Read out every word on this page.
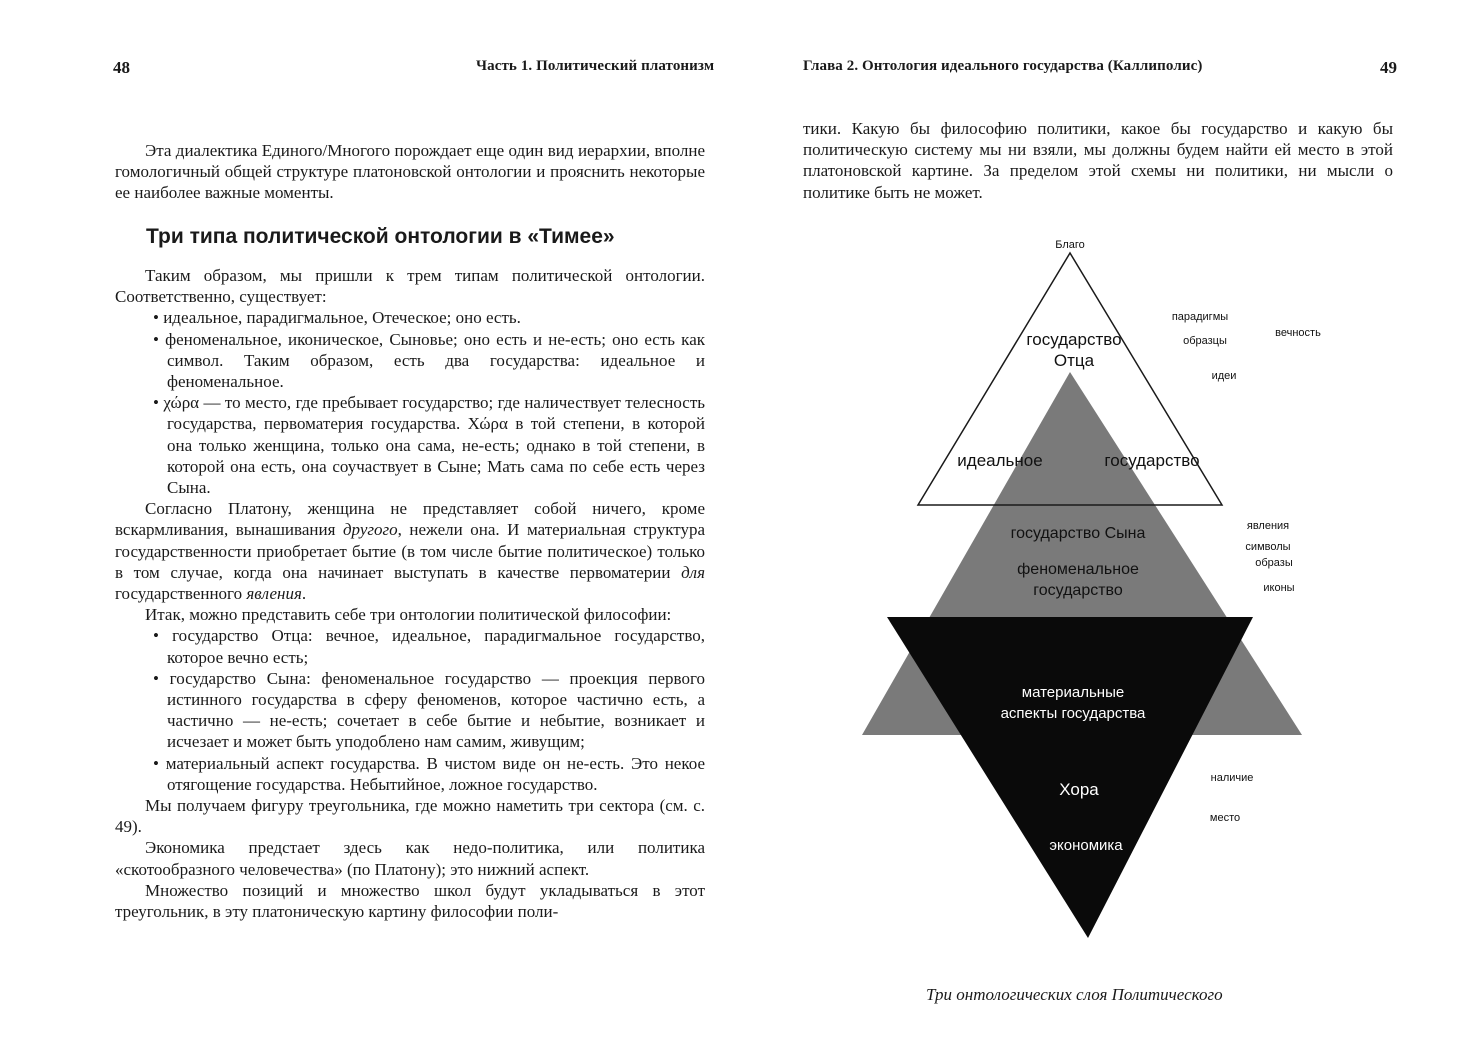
48	Часть 1. Политический платонизм

Эта диалектика Единого/Многого порождает еще один вид иерархии, вполне гомологичный общей структуре платоновской онтологии и прояснить некоторые ее наиболее важные моменты.

Три типа политической онтологии в «Тимее»

Таким образом, мы пришли к трем типам политической онтологии. Соответственно, существует:

• идеальное, парадигмальное, Отеческое; оно есть.

• феноменальное, иконическое, Сыновье; оно есть и не-есть; оно есть как символ. Таким образом, есть два государства: идеальное и феноменальное.

• χώρα — то место, где пребывает государство; где наличествует телесность государства, первоматерия государства. Χώρα в той степени, в которой она только женщина, только она сама, не-есть; однако в той степени, в которой она есть, она соучаствует в Сыне; Мать сама по себе есть через Сына.

Согласно Платону, женщина не представляет собой ничего, кроме вскармливания, вынашивания другого, нежели она. И материальная структура государственности приобретает бытие (в том числе бытие политическое) только в том случае, когда она начинает выступать в качестве первоматерии для государственного явления.

Итак, можно представить себе три онтологии политической философии:

• государство Отца: вечное, идеальное, парадигмальное государство, которое вечно есть;

• государство Сына: феноменальное государство — проекция первого истинного государства в сферу феноменов, которое частично есть, а частично — не-есть; сочетает в себе бытие и небытие, возникает и исчезает и может быть уподоблено нам самим, живущим;

• материальный аспект государства. В чистом виде он не-есть. Это некое отягощение государства. Небытийное, ложное государство.

Мы получаем фигуру треугольника, где можно наметить три сектора (см. с. 49).

Экономика предстает здесь как недо-политика, или политика «скотообразного человечества» (по Платону); это нижний аспект.

Множество позиций и множество школ будут укладываться в этот треугольник, в эту платоническую картину философии поли-

Глава 2. Онтология идеального государства (Каллиполис)	49

тики. Какую бы философию политики, какое бы государство и какую бы политическую систему мы ни взяли, мы должны будем найти ей место в этой платоновской картине. За пределом этой схемы ни политики, ни мысли о политике быть не может.

Благо
государство
Отца
идеальное	государство
государство Сына
феноменальное
государство
материальные
аспекты государства
Хора
экономика
парадигмы
образцы
идеи
вечность
явления
символы
образы
иконы
наличие
место
Три онтологических слоя Политического
